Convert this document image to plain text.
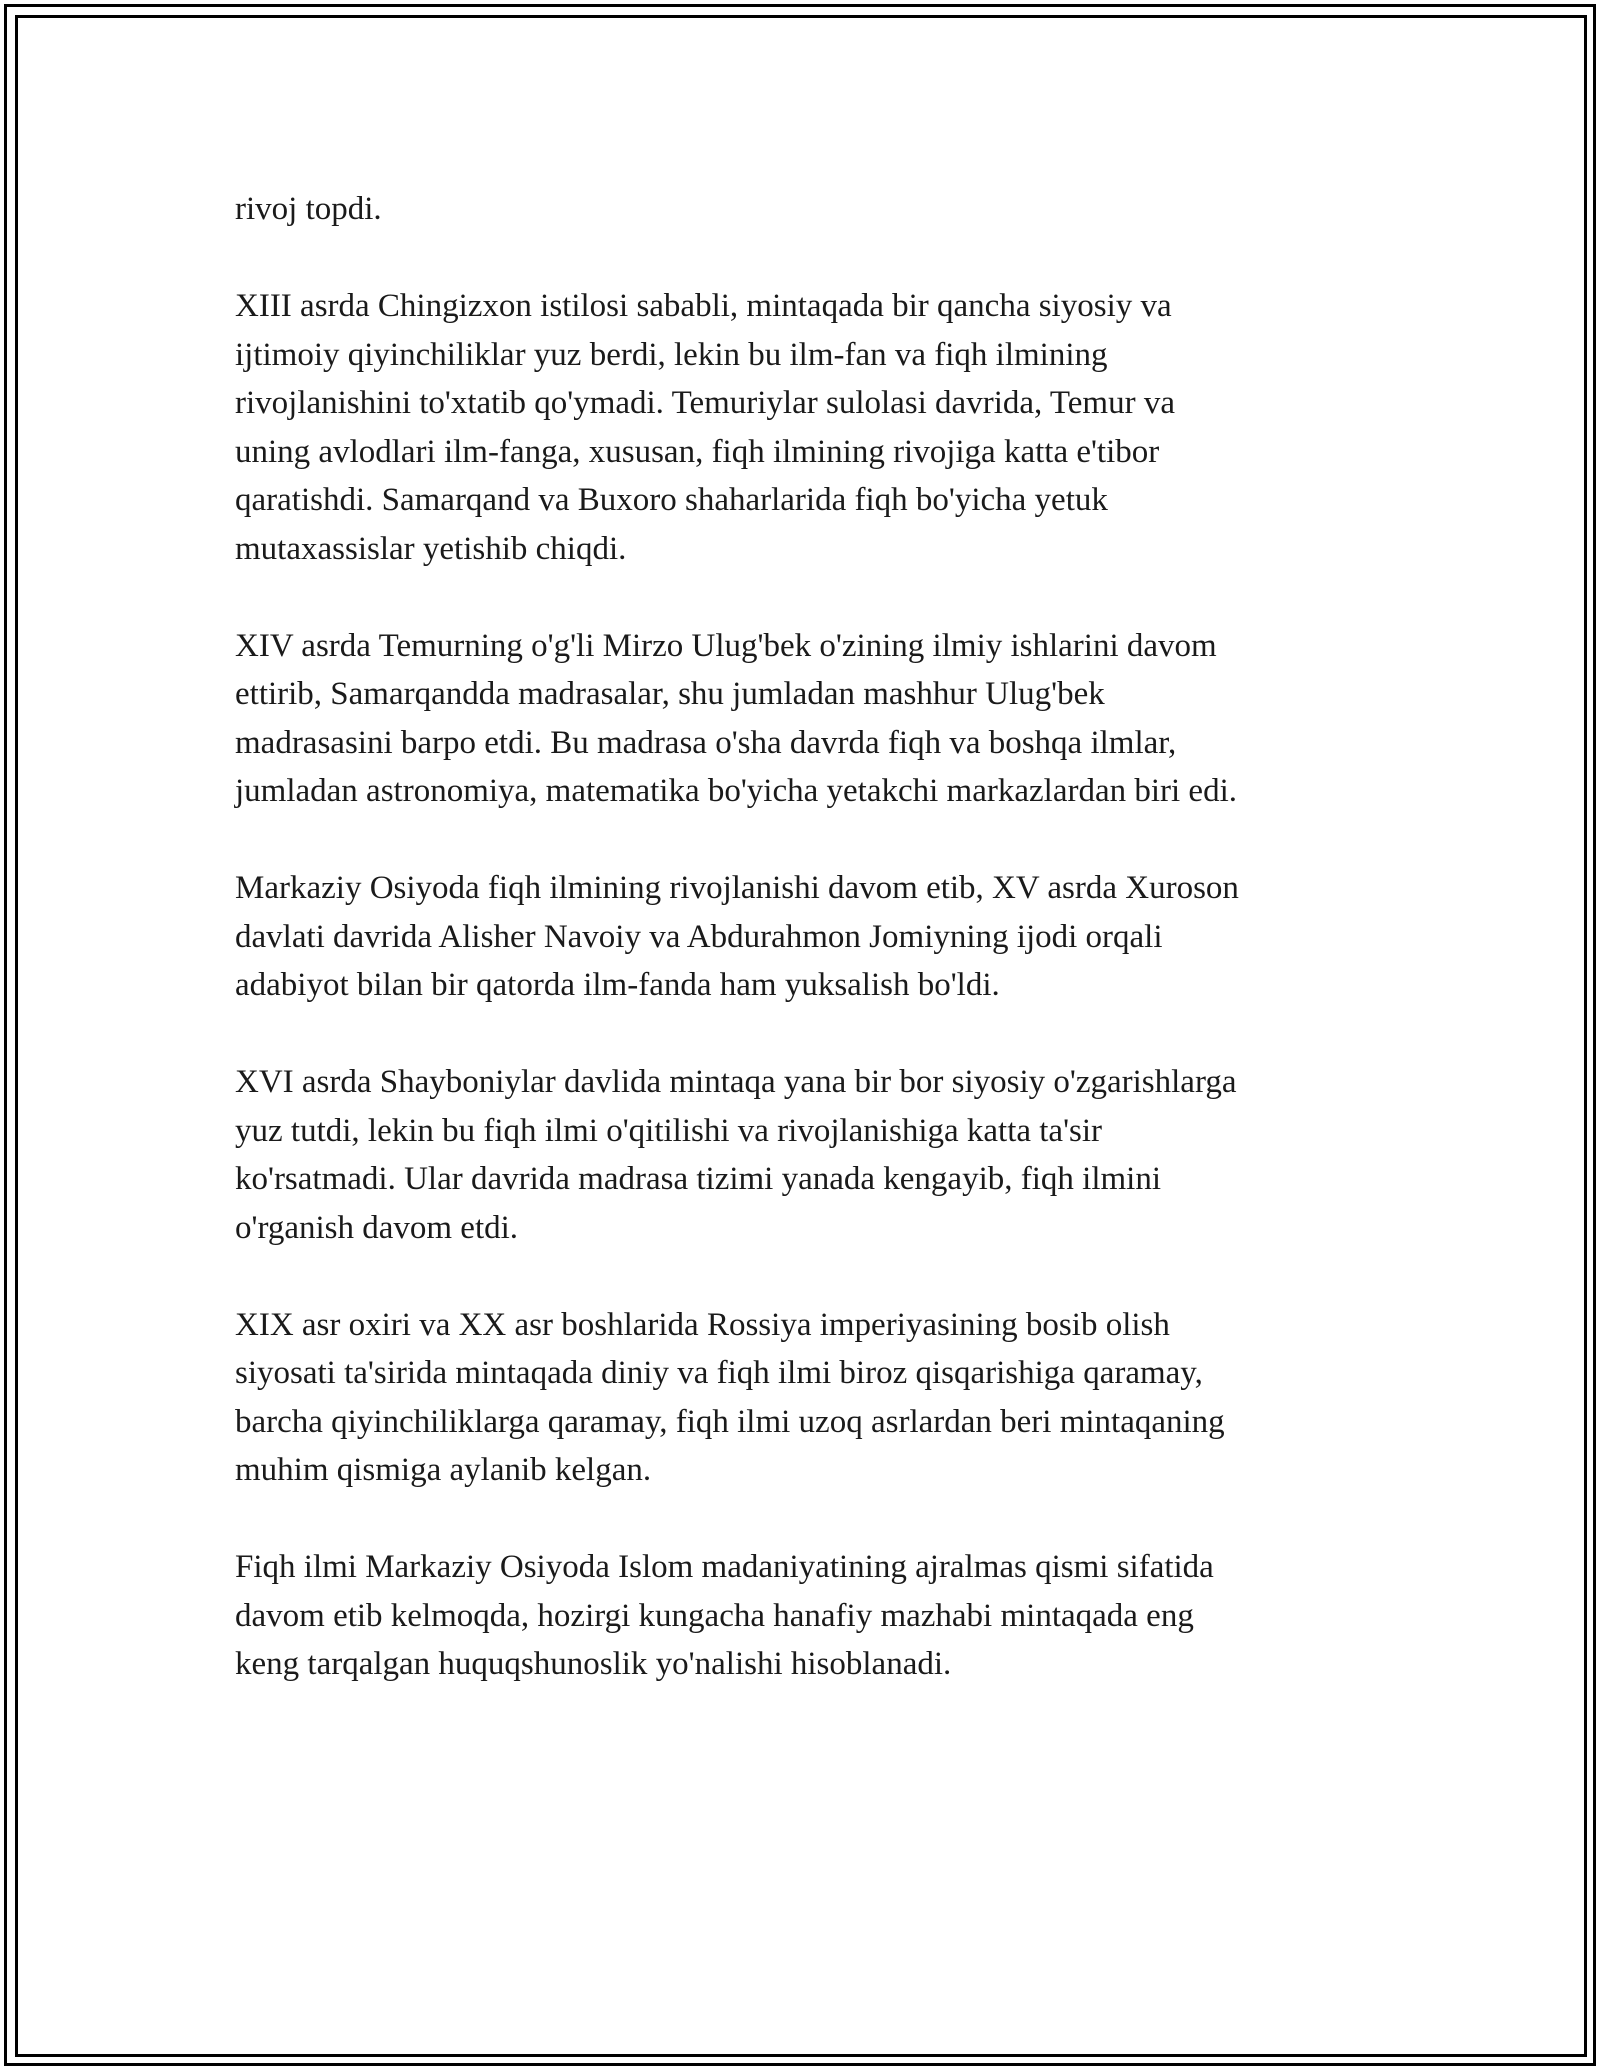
rivoj topdi.

XIII asrda Chingizxon istilosi sababli, mintaqada bir qancha siyosiy va
ijtimoiy qiyinchiliklar yuz berdi, lekin bu ilm-fan va fiqh ilmining
rivojlanishini to'xtatib qo'ymadi. Temuriylar sulolasi davrida, Temur va
uning avlodlari ilm-fanga, xususan, fiqh ilmining rivojiga katta e'tibor
qaratishdi. Samarqand va Buxoro shaharlarida fiqh bo'yicha yetuk
mutaxassislar yetishib chiqdi.

XIV asrda Temurning o'g'li Mirzo Ulug'bek o'zining ilmiy ishlarini davom
ettirib, Samarqandda madrasalar, shu jumladan mashhur Ulug'bek
madrasasini barpo etdi. Bu madrasa o'sha davrda fiqh va boshqa ilmlar,
jumladan astronomiya, matematika bo'yicha yetakchi markazlardan biri edi.

Markaziy Osiyoda fiqh ilmining rivojlanishi davom etib, XV asrda Xuroson
davlati davrida Alisher Navoiy va Abdurahmon Jomiyning ijodi orqali
adabiyot bilan bir qatorda ilm-fanda ham yuksalish bo'ldi.

XVI asrda Shayboniylar davlida mintaqa yana bir bor siyosiy o'zgarishlarga
yuz tutdi, lekin bu fiqh ilmi o'qitilishi va rivojlanishiga katta ta'sir
ko'rsatmadi. Ular davrida madrasa tizimi yanada kengayib, fiqh ilmini
o'rganish davom etdi.

XIX asr oxiri va XX asr boshlarida Rossiya imperiyasining bosib olish
siyosati ta'sirida mintaqada diniy va fiqh ilmi biroz qisqarishiga qaramay,
barcha qiyinchiliklarga qaramay, fiqh ilmi uzoq asrlardan beri mintaqaning
muhim qismiga aylanib kelgan.

Fiqh ilmi Markaziy Osiyoda Islom madaniyatining ajralmas qismi sifatida
davom etib kelmoqda, hozirgi kungacha hanafiy mazhabi mintaqada eng
keng tarqalgan huquqshunoslik yo'nalishi hisoblanadi.
